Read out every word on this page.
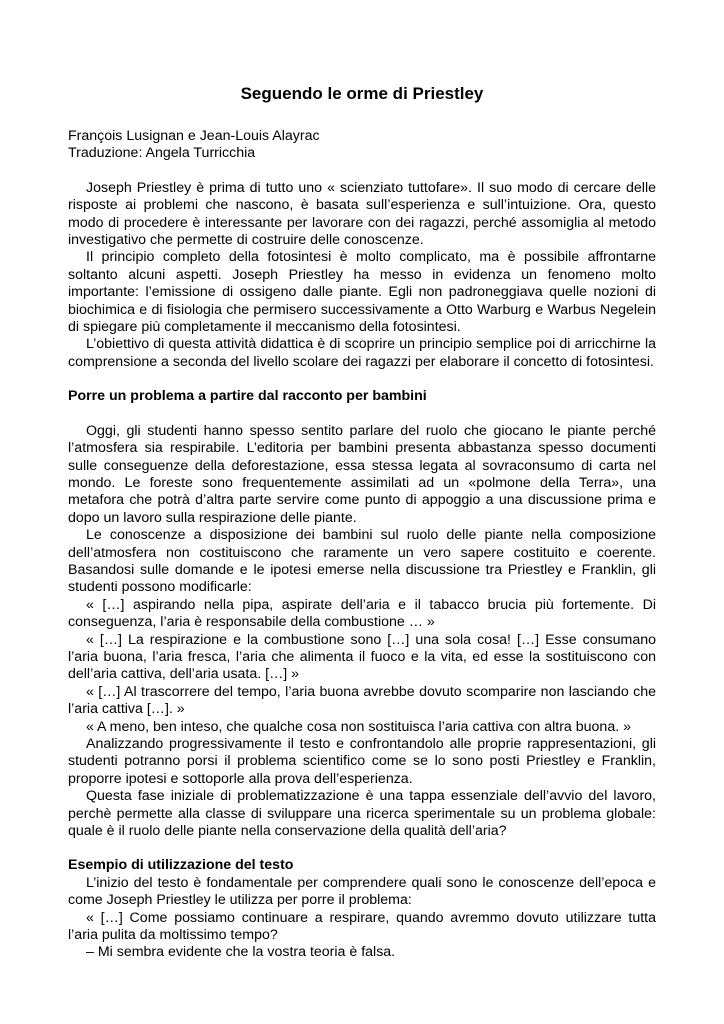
Seguendo le orme di Priestley
François Lusignan e Jean-Louis Alayrac
Traduzione: Angela Turricchia

Joseph Priestley è prima di tutto uno « scienziato tuttofare». Il suo modo di cercare delle risposte ai problemi che nascono, è basata sull’esperienza e sull’intuizione. Ora, questo modo di procedere è interessante per lavorare con dei ragazzi, perché assomiglia al metodo investigativo che permette di costruire delle conoscenze.

Il principio completo della fotosintesi è molto complicato, ma è possibile affrontarne soltanto alcuni aspetti. Joseph Priestley ha messo in evidenza un fenomeno molto importante: l’emissione di ossigeno dalle piante. Egli non padroneggiava quelle nozioni di biochimica e di fisiologia che permisero successivamente a Otto Warburg e Warbus Negelein di spiegare più completamente il meccanismo della fotosintesi.

L’obiettivo di questa attività didattica è di scoprire un principio semplice poi di arricchirne la comprensione a seconda del livello scolare dei ragazzi per elaborare il concetto di fotosintesi.

Porre un problema a partire dal racconto per bambini

Oggi, gli studenti hanno spesso sentito parlare del ruolo che giocano le piante perché l’atmosfera sia respirabile. L’editoria per bambini presenta abbastanza spesso documenti sulle conseguenze della deforestazione, essa stessa legata al sovraconsumo di carta nel mondo. Le foreste sono frequentemente assimilati ad un «polmone della Terra», una metafora che potrà d’altra parte servire come punto di appoggio a una discussione prima e dopo un lavoro sulla respirazione delle piante.

Le conoscenze a disposizione dei bambini sul ruolo delle piante nella composizione dell’atmosfera non costituiscono che raramente un vero sapere costituito e coerente. Basandosi sulle domande e le ipotesi emerse nella discussione tra Priestley e Franklin, gli studenti possono modificarle:

« […] aspirando nella pipa, aspirate dell’aria e il tabacco brucia più fortemente. Di conseguenza, l’aria è responsabile della combustione … »

« […] La respirazione e la combustione sono […] una sola cosa! […] Esse consumano l’aria buona, l’aria fresca, l’aria che alimenta il fuoco e la vita, ed esse la sostituiscono con dell’aria cattiva, dell’aria usata. […] »

« […] Al trascorrere del tempo, l’aria buona avrebbe dovuto scomparire non lasciando che l’aria cattiva […]. »

« A meno, ben inteso, che qualche cosa non sostituisca l’aria cattiva con altra buona. »

Analizzando progressivamente il testo e confrontandolo alle proprie rappresentazioni, gli studenti potranno porsi il problema scientifico come se lo sono posti Priestley e Franklin, proporre ipotesi e sottoporle alla prova dell’esperienza.

Questa fase iniziale di problematizzazione è una tappa essenziale dell’avvio del lavoro, perchè permette alla classe di sviluppare una ricerca sperimentale su un problema globale: quale è il ruolo delle piante nella conservazione della qualità dell’aria?

Esempio di utilizzazione del testo

L’inizio del testo è fondamentale per comprendere quali sono le conoscenze dell’epoca e come Joseph Priestley le utilizza per porre il problema:

« […] Come possiamo continuare a respirare, quando avremmo dovuto utilizzare tutta l’aria pulita da moltissimo tempo?

– Mi sembra evidente che la vostra teoria è falsa.
